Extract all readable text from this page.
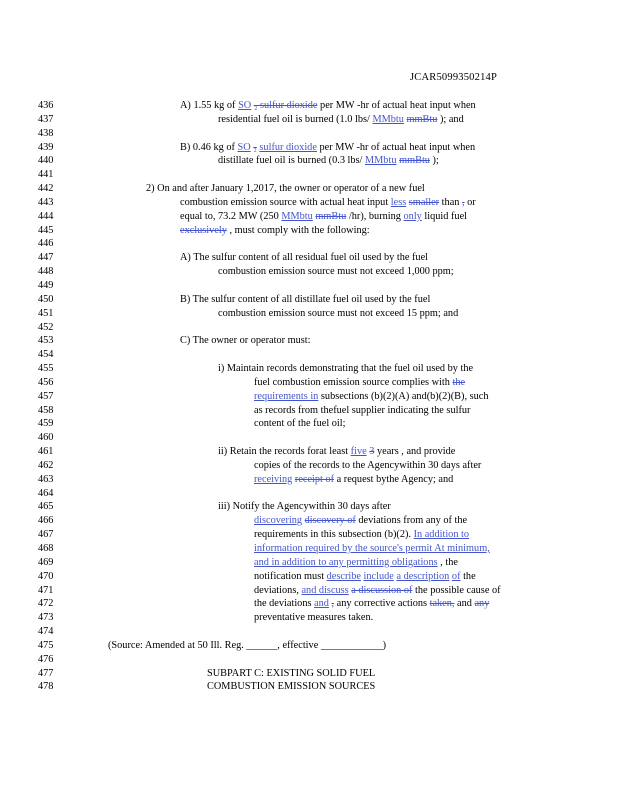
JCAR5099350214P
436	A) 1.55 kg of SO ₂ sulfur dioxide per MW -hr of actual heat input when
437	residential fuel oil is burned (1.0 lbs/ MMbtu mmBtu ); and
438
439	B) 0.46 kg of SO ₂ sulfur dioxide per MW -hr of actual heat input when
440	distillate fuel oil is burned (0.3 lbs/ MMbtu mmBtu );
441
442	2) On and after January 1,2017, the owner or operator of a new fuel
443	combustion emission source with actual heat input less smaller than , or
444	equal to, 73.2 MW (250 MMbtu mmBtu /hr), burning only liquid fuel
445	exclusively , must comply with the following:
446
447	A) The sulfur content of all residual fuel oil used by the fuel
448	combustion emission source must not exceed 1,000 ppm;
449
450	B) The sulfur content of all distillate fuel oil used by the fuel
451	combustion emission source must not exceed 15 ppm; and
452
453	C) The owner or operator must:
454
455	i) Maintain records demonstrating that the fuel oil used by the
456	fuel combustion emission source complies with the
457	requirements in subsections (b)(2)(A) and(b)(2)(B), such
458	as records from thefuel supplier indicating the sulfur
459	content of the fuel oil;
460
461	ii) Retain the records forat least five 3 years , and provide
462	copies of the records to the Agencywithin 30 days after
463	receiving receipt of a request bythe Agency; and
464
465	iii) Notify the Agencywithin 30 days after
466	discovering discovery of deviations from any of the
467	requirements in this subsection (b)(2). In addition to
468	information required by the source's permit At minimum,
469	and in addition to any permitting obligations , the
470	notification must describe include a description of the
471	deviations, and discuss a discussion of the possible cause of
472	the deviations and , any corrective actions taken, and any
473	preventative measures taken.
474
475	(Source: Amended at 50 Ill. Reg. ______, effective ____________)
476
477	SUBPART C: EXISTING SOLID FUEL
478	COMBUSTION EMISSION SOURCES
